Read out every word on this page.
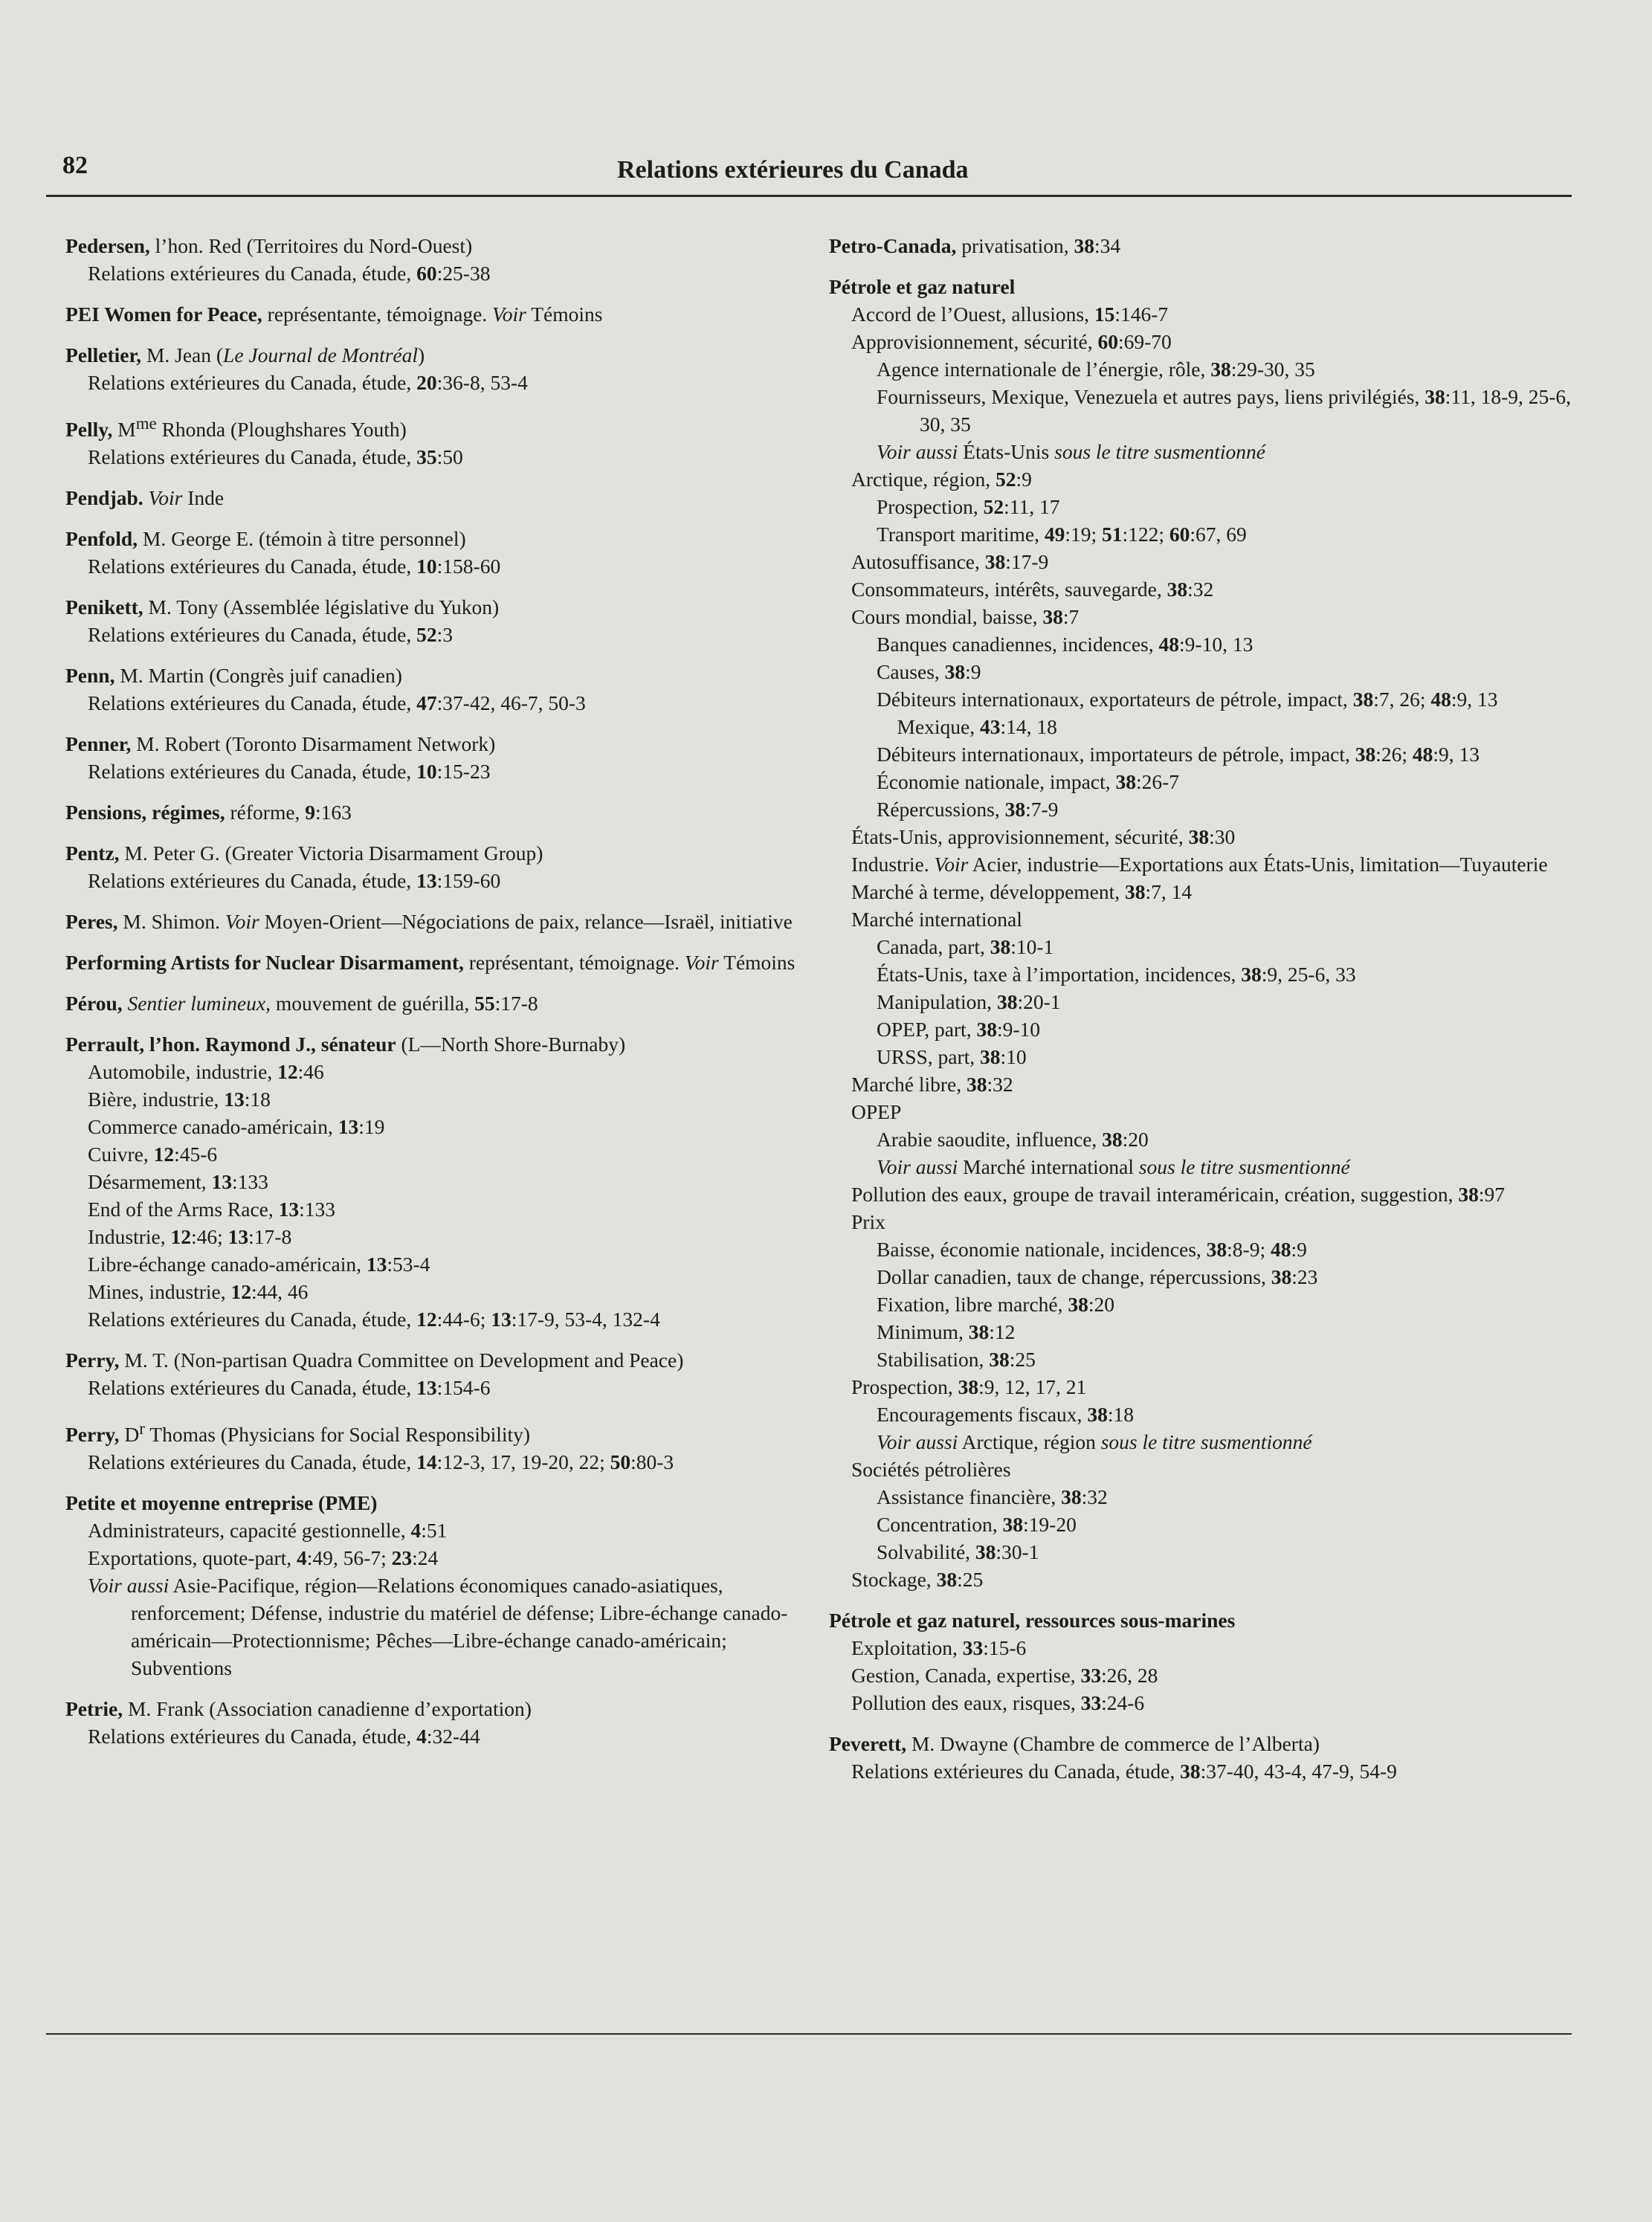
82	Relations extérieures du Canada
Pedersen, l’hon. Red (Territoires du Nord-Ouest)
Relations extérieures du Canada, étude, 60:25-38
PEI Women for Peace, représentante, témoignage. Voir Témoins
Pelletier, M. Jean (Le Journal de Montréal)
Relations extérieures du Canada, étude, 20:36-8, 53-4
Pelly, $M^{me}$ Rhonda (Ploughshares Youth)
Relations extérieures du Canada, étude, 35:50
Pendjab. Voir Inde
Penfold, M. George E. (témoin à titre personnel)
Relations extérieures du Canada, étude, 10:158-60
Penikett, M. Tony (Assemblée législative du Yukon)
Relations extérieures du Canada, étude, 52:3
Penn, M. Martin (Congrès juif canadien)
Relations extérieures du Canada, étude, 47:37-42, 46-7, 50-3
Penner, M. Robert (Toronto Disarmament Network)
Relations extérieures du Canada, étude, 10:15-23
Pensions, régimes, réforme, 9:163
Pentz, M. Peter G. (Greater Victoria Disarmament Group)
Relations extérieures du Canada, étude, 13:159-60
Peres, M. Shimon. Voir Moyen-Orient—Négociations de paix, relance—Israël, initiative
Performing Artists for Nuclear Disarmament, représentant, témoignage. Voir Témoins
Pérou, Sentier lumineux, mouvement de guérilla, 55:17-8
Perrault, l’hon. Raymond J., sénateur (L—North Shore-Burnaby)
Automobile, industrie, 12:46
Bière, industrie, 13:18
Commerce canado-américain, 13:19
Cuivre, 12:45-6
Désarmement, 13:133
End of the Arms Race, 13:133
Industrie, 12:46; 13:17-8
Libre-échange canado-américain, 13:53-4
Mines, industrie, 12:44, 46
Relations extérieures du Canada, étude, 12:44-6; 13:17-9, 53-4, 132-4
Perry, M. T. (Non-partisan Quadra Committee on Development and Peace)
Relations extérieures du Canada, étude, 13:154-6
Perry, $D^r$ Thomas (Physicians for Social Responsibility)
Relations extérieures du Canada, étude, 14:12-3, 17, 19-20, 22; 50:80-3
Petite et moyenne entreprise (PME)
Administrateurs, capacité gestionnelle, 4:51
Exportations, quote-part, 4:49, 56-7; 23:24
Voir aussi Asie-Pacifique, région—Relations économiques canado-asiatiques, renforcement; Défense, industrie du matériel de défense; Libre-échange canado-américain—Protectionnisme; Pêches—Libre-échange canado-américain; Subventions
Petrie, M. Frank (Association canadienne d’exportation)
Relations extérieures du Canada, étude, 4:32-44
Petro-Canada, privatisation, 38:34
Pétrole et gaz naturel
Accord de l’Ouest, allusions, 15:146-7
Approvisionnement, sécurité, 60:69-70
Agence internationale de l’énergie, rôle, 38:29-30, 35
Fournisseurs, Mexique, Venezuela et autres pays, liens privilégiés, 38:11, 18-9, 25-6, 30, 35
Voir aussi États-Unis sous le titre susmentionné
Arctique, région, 52:9
Prospection, 52:11, 17
Transport maritime, 49:19; 51:122; 60:67, 69
Autosuffisance, 38:17-9
Consommateurs, intérêts, sauvegarde, 38:32
Cours mondial, baisse, 38:7
Banques canadiennes, incidences, 48:9-10, 13
Causes, 38:9
Débiteurs internationaux, exportateurs de pétrole, impact, 38:7, 26; 48:9, 13
Mexique, 43:14, 18
Débiteurs internationaux, importateurs de pétrole, impact, 38:26; 48:9, 13
Économie nationale, impact, 38:26-7
Répercussions, 38:7-9
États-Unis, approvisionnement, sécurité, 38:30
Industrie. Voir Acier, industrie—Exportations aux États-Unis, limitation—Tuyauterie
Marché à terme, développement, 38:7, 14
Marché international
Canada, part, 38:10-1
États-Unis, taxe à l’importation, incidences, 38:9, 25-6, 33
Manipulation, 38:20-1
OPEP, part, 38:9-10
URSS, part, 38:10
Marché libre, 38:32
OPEP
Arabie saoudite, influence, 38:20
Voir aussi Marché international sous le titre susmentionné
Pollution des eaux, groupe de travail interaméricain, création, suggestion, 38:97
Prix
Baisse, économie nationale, incidences, 38:8-9; 48:9
Dollar canadien, taux de change, répercussions, 38:23
Fixation, libre marché, 38:20
Minimum, 38:12
Stabilisation, 38:25
Prospection, 38:9, 12, 17, 21
Encouragements fiscaux, 38:18
Voir aussi Arctique, région sous le titre susmentionné
Sociétés pétrolières
Assistance financière, 38:32
Concentration, 38:19-20
Solvabilité, 38:30-1
Stockage, 38:25
Pétrole et gaz naturel, ressources sous-marines
Exploitation, 33:15-6
Gestion, Canada, expertise, 33:26, 28
Pollution des eaux, risques, 33:24-6
Peverett, M. Dwayne (Chambre de commerce de l’Alberta)
Relations extérieures du Canada, étude, 38:37-40, 43-4, 47-9, 54-9
